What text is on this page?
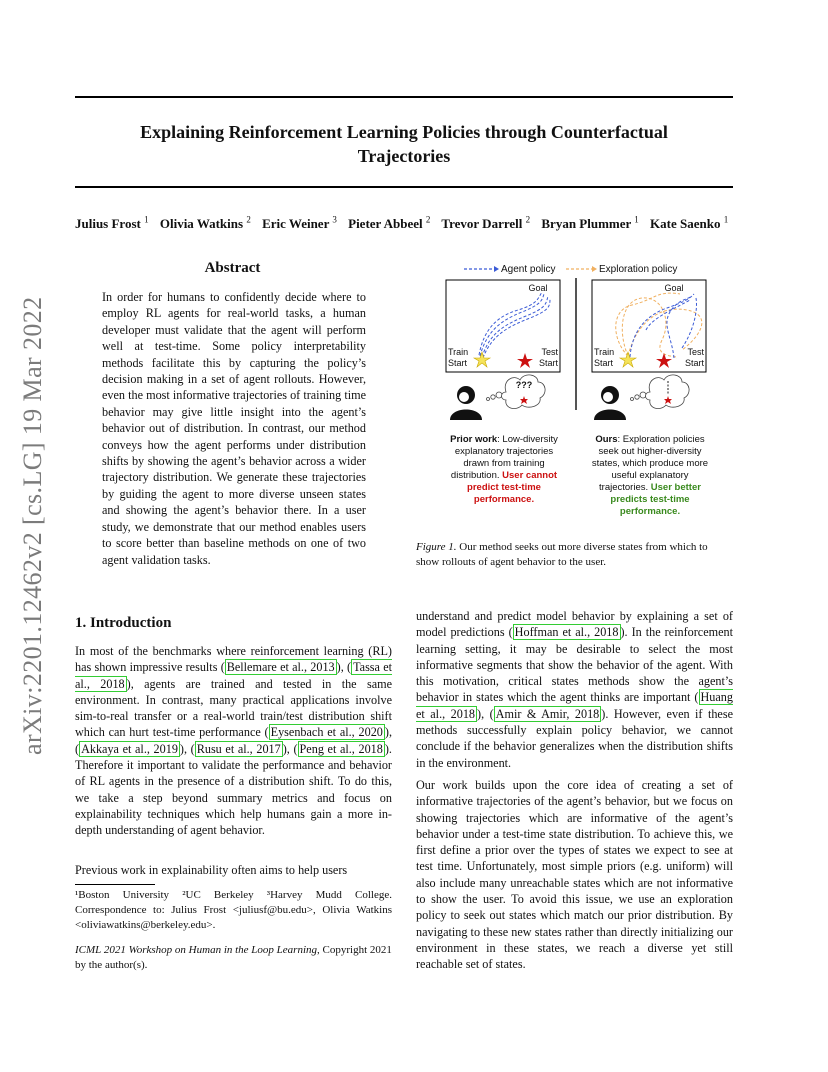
Explaining Reinforcement Learning Policies through Counterfactual
Trajectories
Julius Frost $^1$ Olivia Watkins $^2$ Eric Weiner $^3$ Pieter Abbeel $^2$ Trevor Darrell $^2$ Bryan Plummer $^1$ Kate Saenko $^1$
arXiv:2201.12462v2 [cs.LG] 19 Mar 2022
Abstract
In order for humans to confidently decide where to employ RL agents for real-world tasks, a human developer must validate that the agent will perform well at test-time. Some policy interpretability methods facilitate this by capturing the policy’s decision making in a set of agent rollouts. However, even the most informative trajectories of training time behavior may give little insight into the agent’s behavior out of distribution. In contrast, our method conveys how the agent performs under distribution shifts by showing the agent’s behavior across a wider trajectory distribution. We generate these trajectories by guiding the agent to more diverse unseen states and showing the agent’s behavior there. In a user study, we demonstrate that our method enables users to score better than baseline methods on one of two agent validation tasks.
Agent policy	Exploration policy
Goal
Train
Start
Test
Start
Goal
Train
Start
Test
Start
???
Prior work: Low-diversity
explanatory trajectories
drawn from training
distribution. User cannot
predict test-time
performance.
Ours: Exploration policies
seek out higher-diversity
states, which produce more
useful explanatory
trajectories. User better
predicts test-time
performance.
Figure 1. Our method seeks out more diverse states from which to show rollouts of agent behavior to the user.
1. Introduction
In most of the benchmarks where reinforcement learning (RL) has shown impressive results ( Bellemare et al., 2013 ), ( Tassa et al., 2018 ), agents are trained and tested in the same environment. In contrast, many practical applications involve sim-to-real transfer or a real-world train/test distribution shift which can hurt test-time performance ( Eysenbach et al., 2020 ), ( Akkaya et al., 2019 ), ( Rusu et al., 2017 ), ( Peng et al., 2018 ). Therefore it important to validate the performance and behavior of RL agents in the presence of a distribution shift. To do this, we take a step beyond summary metrics and focus on explainability techniques which help humans gain a more in-depth understanding of agent behavior.
Previous work in explainability often aims to help users
¹Boston University ²UC Berkeley ³Harvey Mudd College. Correspondence to: Julius Frost <juliusf@bu.edu>, Olivia Watkins <oliviawatkins@berkeley.edu>.
ICML 2021 Workshop on Human in the Loop Learning, Copyright 2021 by the author(s).
understand and predict model behavior by explaining a set of model predictions ( Hoffman et al., 2018 ). In the reinforcement learning setting, it may be desirable to select the most informative segments that show the behavior of the agent. With this motivation, critical states methods show the agent’s behavior in states which the agent thinks are important ( Huang et al., 2018 ), ( Amir & Amir, 2018 ). However, even if these methods successfully explain policy behavior, we cannot conclude if the behavior generalizes when the distribution shifts in the environment.
Our work builds upon the core idea of creating a set of informative trajectories of the agent’s behavior, but we focus on showing trajectories which are informative of the agent’s behavior under a test-time state distribution. To achieve this, we first define a prior over the types of states we expect to see at test time. Unfortunately, most simple priors (e.g. uniform) will also include many unreachable states which are not informative to show the user. To avoid this issue, we use an exploration policy to seek out states which match our prior distribution. By navigating to these new states rather than directly initializing our environment in these states, we reach a diverse yet still reachable set of states.
